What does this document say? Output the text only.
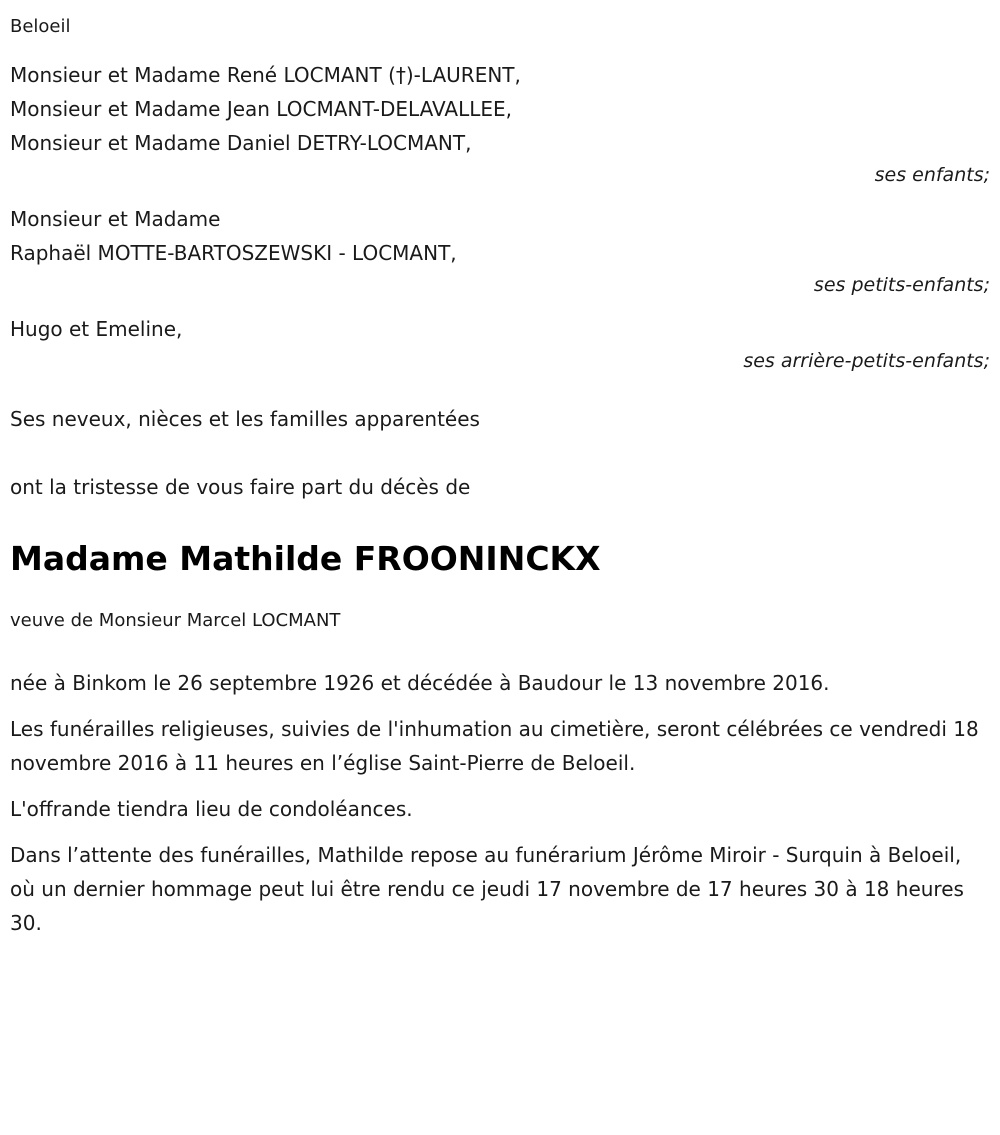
Beloeil
Monsieur et Madame René LOCMANT (†)-LAURENT,
Monsieur et Madame Jean LOCMANT-DELAVALLEE,
Monsieur et Madame Daniel DETRY-LOCMANT,
ses enfants;
Monsieur et Madame
Raphaël MOTTE-BARTOSZEWSKI - LOCMANT,
ses petits-enfants;
Hugo et Emeline,
ses arrière-petits-enfants;
Ses neveux, nièces et les familles apparentées
ont la tristesse de vous faire part du décès de
Madame Mathilde FROONINCKX
veuve de Monsieur Marcel LOCMANT

née à Binkom le 26 septembre 1926 et décédée à Baudour le 13 novembre 2016.

Les funérailles religieuses, suivies de l'inhumation au cimetière, seront célébrées ce vendredi 18 novembre 2016 à 11 heures en l’église Saint-Pierre de Beloeil.

L'offrande tiendra lieu de condoléances.

Dans l’attente des funérailles, Mathilde repose au funérarium Jérôme Miroir - Surquin à Beloeil, où un dernier hommage peut lui être rendu ce jeudi 17 novembre de 17 heures 30 à 18 heures 30.
